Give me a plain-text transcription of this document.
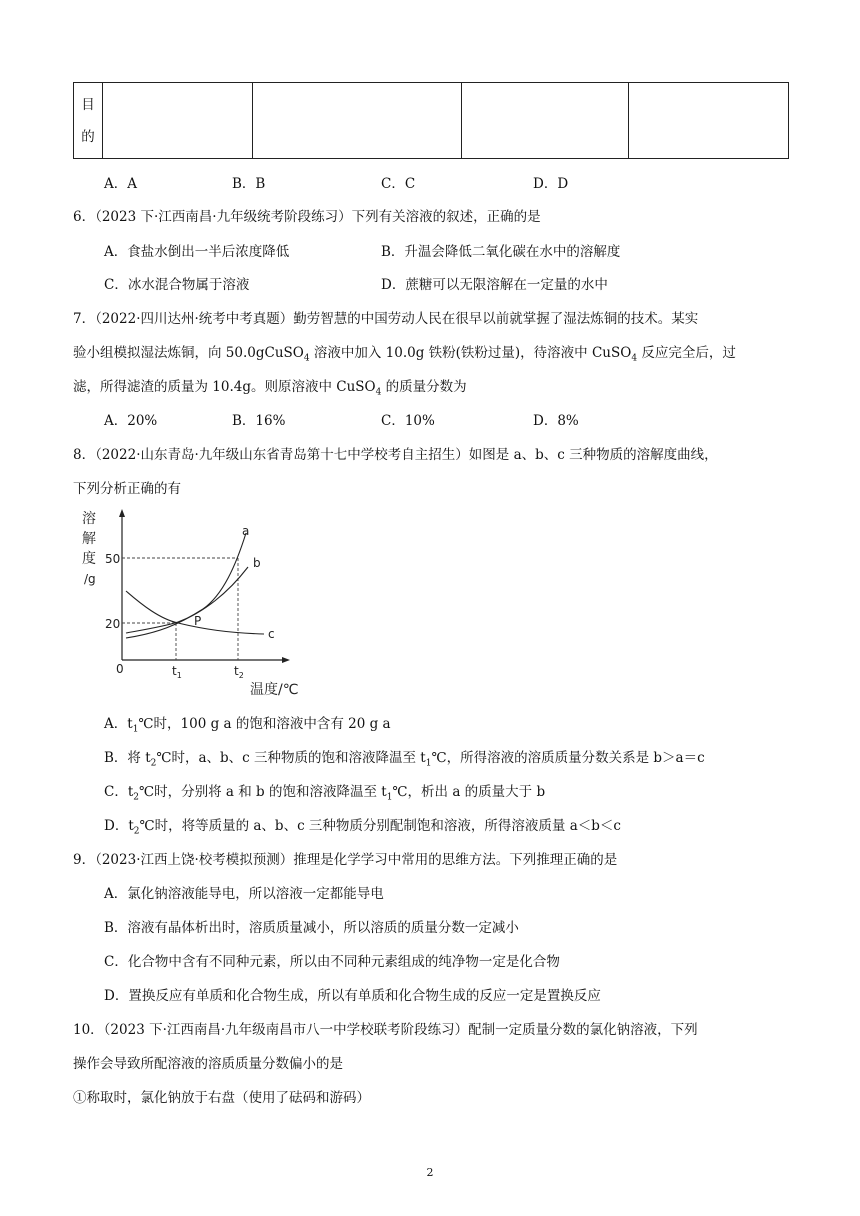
目
的

A．A	B．B	C．C	D．D
6．（2023 下·江西南昌·九年级统考阶段练习）下列有关溶液的叙述，正确的是
A．食盐水倒出一半后浓度降低	B．升温会降低二氧化碳在水中的溶解度
C．冰水混合物属于溶液	D．蔗糖可以无限溶解在一定量的水中
7．（2022·四川达州·统考中考真题）勤劳智慧的中国劳动人民在很早以前就掌握了湿法炼铜的技术。某实
验小组模拟湿法炼铜，向 50.0gCuSO$_4$ 溶液中加入 10.0g 铁粉(铁粉过量)，待溶液中 CuSO$_4$ 反应完全后，过
滤，所得滤渣的质量为 10.4g。则原溶液中 CuSO$_4$ 的质量分数为
A．20%	B．16%	C．10%	D．8%
8．（2022·山东青岛·九年级山东省青岛第十七中学校考自主招生）如图是 a、b、c 三种物质的溶解度曲线，
下列分析正确的有
溶
解
度
/g
a
b
c
P
50
20
0	$t_1$	$t_2$
温度/℃
A．$t_1℃$时，100 g a 的饱和溶液中含有 20 g a
B．将 $t_2℃$时，a、b、c 三种物质的饱和溶液降温至 $t_1℃$，所得溶液的溶质质量分数关系是 b＞a＝c
C．$t_2℃$时，分别将 a 和 b 的饱和溶液降温至 $t_1℃$，析出 a 的质量大于 b
D．$t_2℃$时，将等质量的 a、b、c 三种物质分别配制饱和溶液，所得溶液质量 a＜b＜c
9．（2023·江西上饶·校考模拟预测）推理是化学学习中常用的思维方法。下列推理正确的是
A．氯化钠溶液能导电，所以溶液一定都能导电
B．溶液有晶体析出时，溶质质量减小，所以溶质的质量分数一定减小
C．化合物中含有不同种元素，所以由不同种元素组成的纯净物一定是化合物
D．置换反应有单质和化合物生成，所以有单质和化合物生成的反应一定是置换反应
10．（2023 下·江西南昌·九年级南昌市八一中学校联考阶段练习）配制一定质量分数的氯化钠溶液，下列
操作会导致所配溶液的溶质质量分数偏小的是
①称取时，氯化钠放于右盘（使用了砝码和游码）
2
